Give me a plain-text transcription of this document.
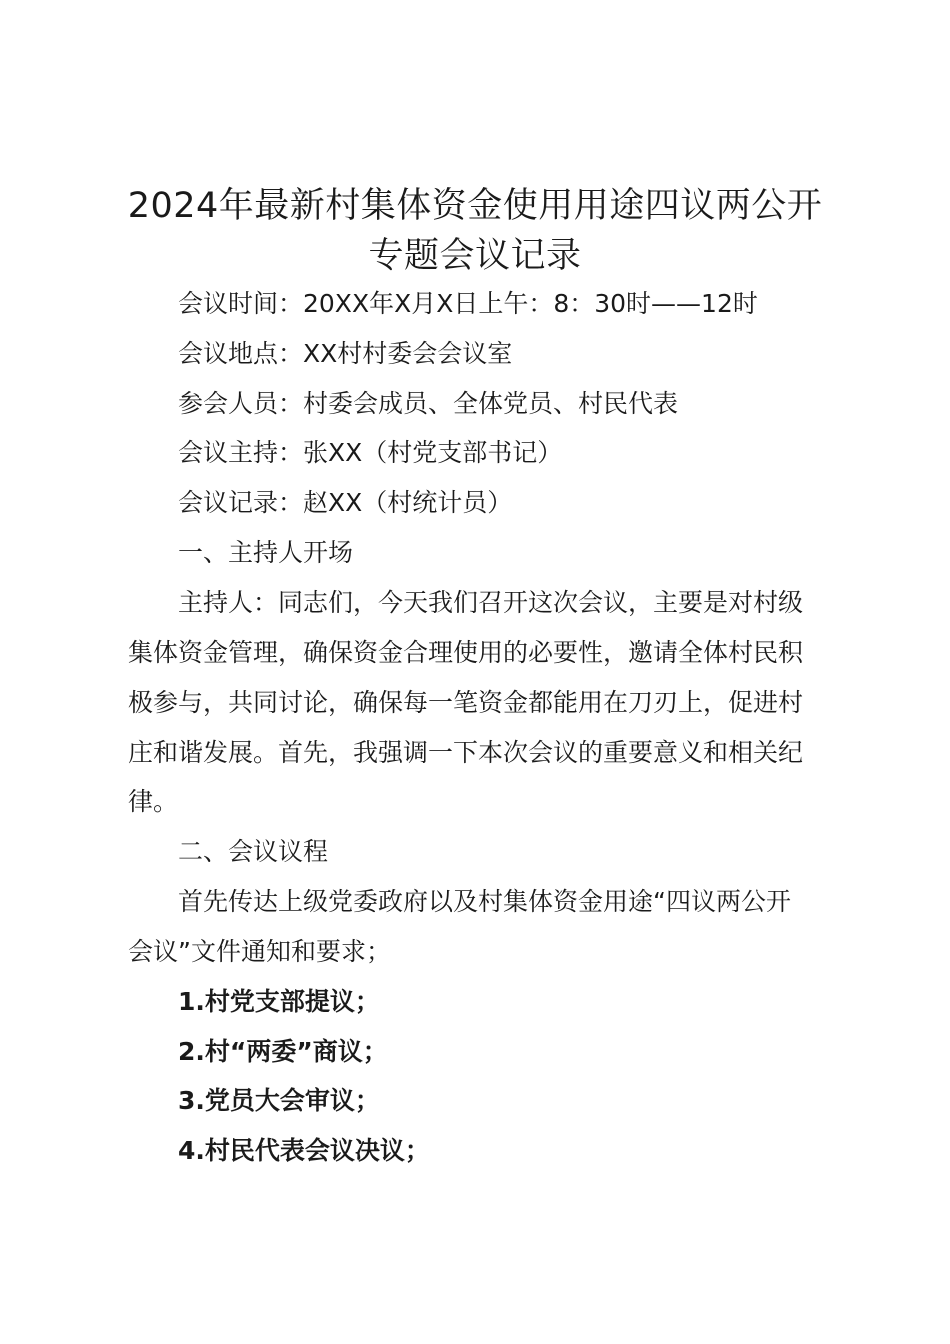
2024年最新村集体资金使用用途四议两公开
专题会议记录

会议时间：20XX年X月X日上午：8：30时——12时

会议地点：XX村村委会会议室

参会人员：村委会成员、全体党员、村民代表

会议主持：张XX（村党支部书记）

会议记录：赵XX（村统计员）

一、主持人开场

主持人：同志们，今天我们召开这次会议，主要是对村级

集体资金管理，确保资金合理使用的必要性，邀请全体村民积

极参与，共同讨论，确保每一笔资金都能用在刀刃上，促进村

庄和谐发展。首先，我强调一下本次会议的重要意义和相关纪

律。

二、会议议程

首先传达上级党委政府以及村集体资金用途“四议两公开

会议”文件通知和要求；

1.村党支部提议；

2.村“两委”商议；

3.党员大会审议；

4.村民代表会议决议；
